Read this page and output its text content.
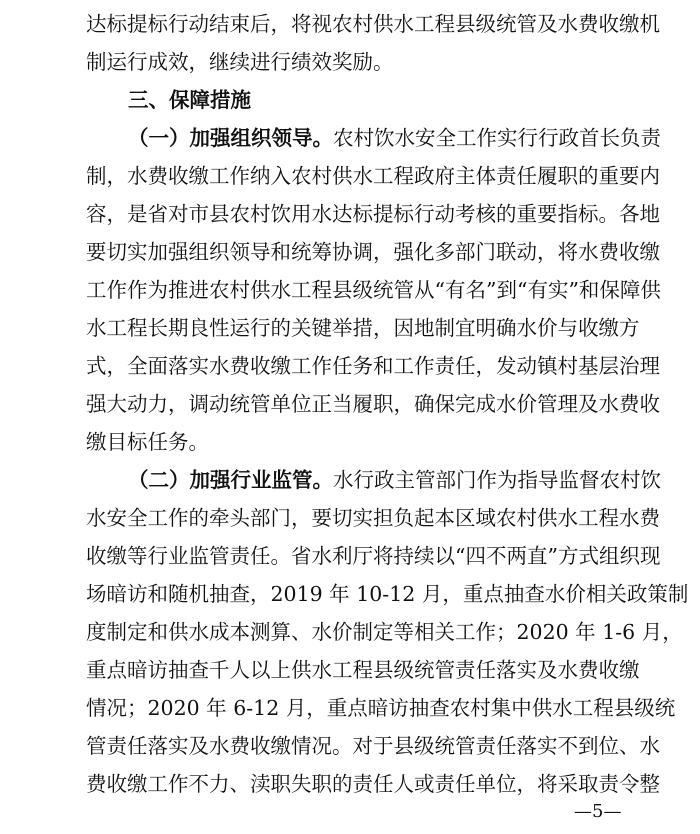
达标提标行动结束后，将视农村供水工程县级统管及水费收缴机
制运行成效，继续进行绩效奖励。
三、保障措施
（一）加强组织领导。农村饮水安全工作实行行政首长负责
制，水费收缴工作纳入农村供水工程政府主体责任履职的重要内
容，是省对市县农村饮用水达标提标行动考核的重要指标。各地
要切实加强组织领导和统筹协调，强化多部门联动，将水费收缴
工作作为推进农村供水工程县级统管从“有名”到“有实”和保障供
水工程长期良性运行的关键举措，因地制宜明确水价与收缴方
式，全面落实水费收缴工作任务和工作责任，发动镇村基层治理
强大动力，调动统管单位正当履职，确保完成水价管理及水费收
缴目标任务。
（二）加强行业监管。水行政主管部门作为指导监督农村饮
水安全工作的牵头部门，要切实担负起本区域农村供水工程水费
收缴等行业监管责任。省水利厅将持续以“四不两直”方式组织现
场暗访和随机抽查，2019 年 10-12 月，重点抽查水价相关政策制
度制定和供水成本测算、水价制定等相关工作；2020 年 1-6 月，
重点暗访抽查千人以上供水工程县级统管责任落实及水费收缴
情况；2020 年 6-12 月，重点暗访抽查农村集中供水工程县级统
管责任落实及水费收缴情况。对于县级统管责任落实不到位、水
费收缴工作不力、渎职失职的责任人或责任单位，将采取责令整
—5—
